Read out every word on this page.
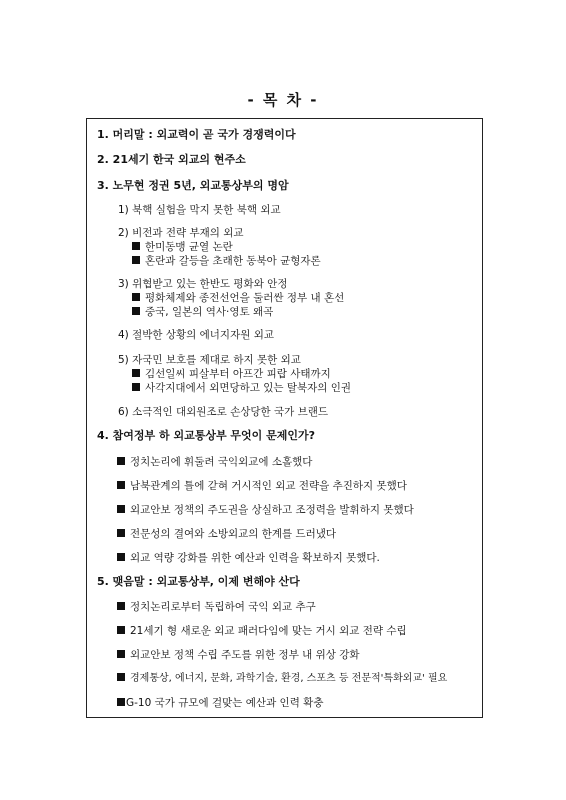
- 목 차 -
1. 머리말 : 외교력이 곧 국가 경쟁력이다
2. 21세기 한국 외교의 현주소
3. 노무현 정권 5년, 외교통상부의 명암
1) 북핵 실험을 막지 못한 북핵 외교
2) 비전과 전략 부재의 외교
한미동맹 균열 논란
혼란과 갈등을 초래한 동북아 균형자론
3) 위협받고 있는 한반도 평화와 안정
평화체제와 종전선언을 둘러싼 정부 내 혼선
중국, 일본의 역사·영토 왜곡
4) 절박한 상황의 에너지자원 외교
5) 자국민 보호를 제대로 하지 못한 외교
김선일씨 피살부터 아프간 피랍 사태까지
사각지대에서 외면당하고 있는 탈북자의 인권
6) 소극적인 대외원조로 손상당한 국가 브랜드
4. 참여정부 하 외교통상부 무엇이 문제인가?
정치논리에 휘둘려 국익외교에 소홀했다
남북관계의 틀에 갇혀 거시적인 외교 전략을 추진하지 못했다
외교안보 정책의 주도권을 상실하고 조정력을 발휘하지 못했다
전문성의 결여와 소방외교의 한계를 드러냈다
외교 역량 강화를 위한 예산과 인력을 확보하지 못했다.
5. 맺음말 : 외교통상부, 이제 변해야 산다
정치논리로부터 독립하여 국익 외교 추구
21세기 형 새로운 외교 패러다임에 맞는 거시 외교 전략 수립
외교안보 정책 수립 주도를 위한 정부 내 위상 강화
경제통상, 에너지, 문화, 과학기술, 환경, 스포츠 등 전문적'특화외교' 필요
G-10 국가 규모에 걸맞는 예산과 인력 확충
